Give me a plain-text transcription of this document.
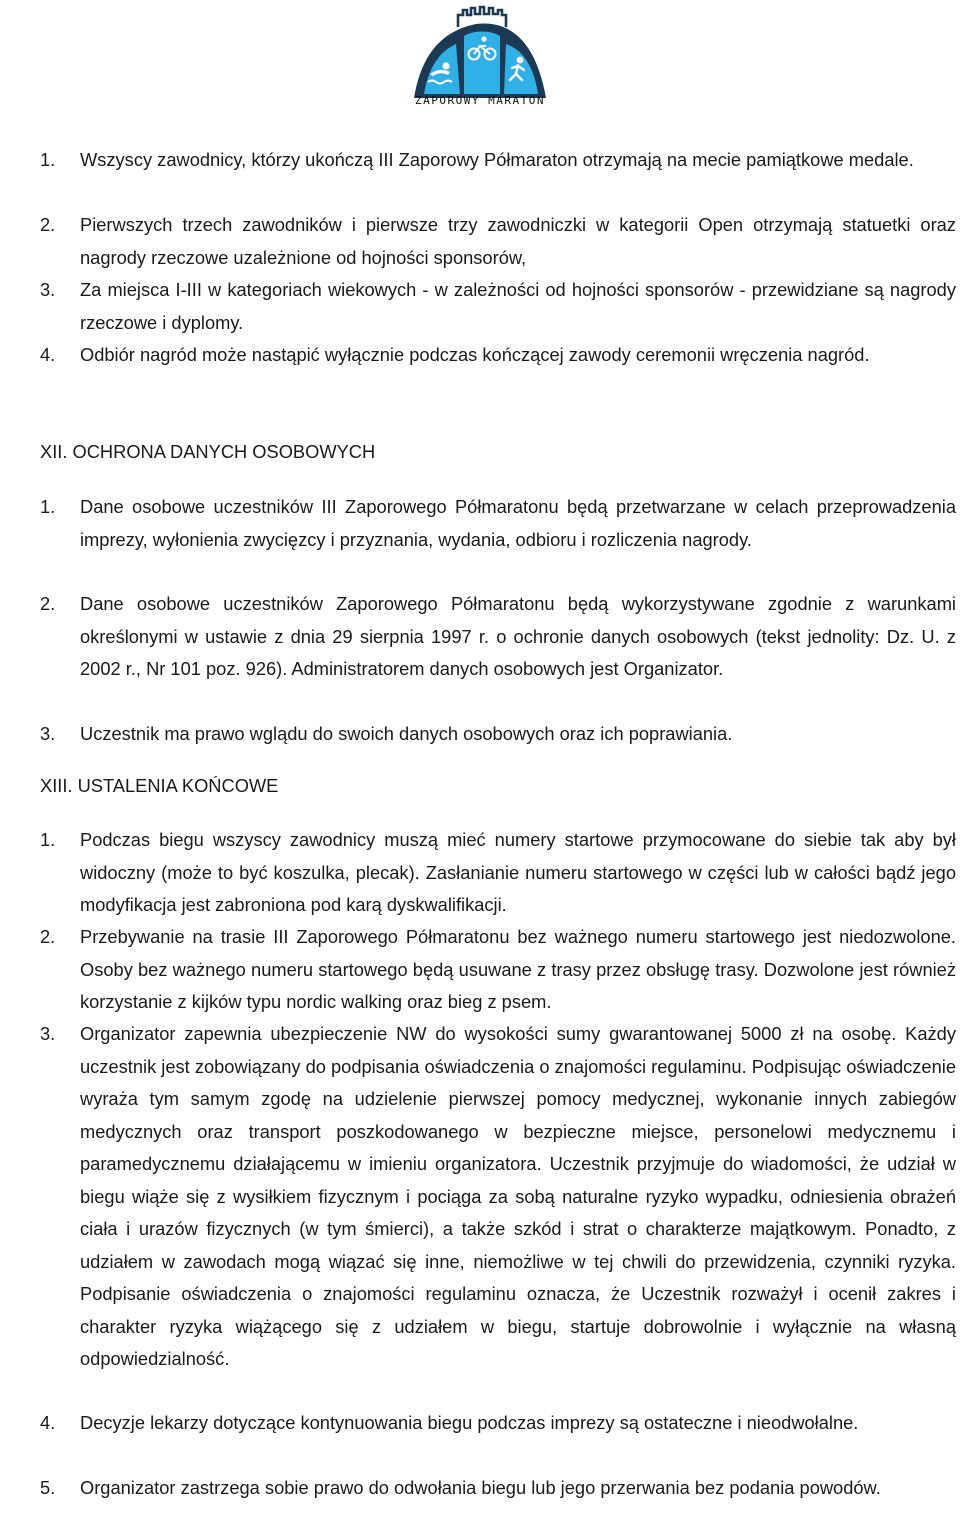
ZAPOROWY MARATON
1.	Wszyscy zawodnicy, którzy ukończą III Zaporowy Półmaraton otrzymają na mecie pamiątkowe medale.
2.	Pierwszych trzech zawodników i pierwsze trzy zawodniczki w kategorii Open otrzymają statuetki oraz nagrody rzeczowe uzależnione od hojności sponsorów,
3.	Za miejsca I-III w kategoriach wiekowych - w zależności od hojności sponsorów - przewidziane są nagrody rzeczowe i dyplomy.
4.	Odbiór nagród może nastąpić wyłącznie podczas kończącej zawody ceremonii wręczenia nagród.
XII. OCHRONA DANYCH OSOBOWYCH
1.	Dane osobowe uczestników III Zaporowego Półmaratonu będą przetwarzane w celach przeprowadzenia imprezy, wyłonienia zwycięzcy i przyznania, wydania, odbioru i rozliczenia nagrody.
2.	Dane osobowe uczestników Zaporowego Półmaratonu będą wykorzystywane zgodnie z warunkami określonymi w ustawie z dnia 29 sierpnia 1997 r. o ochronie danych osobowych (tekst jednolity: Dz. U. z 2002 r., Nr 101 poz. 926). Administratorem danych osobowych jest Organizator.
3.	Uczestnik ma prawo wglądu do swoich danych osobowych oraz ich poprawiania.
XIII. USTALENIA KOŃCOWE
1.	Podczas biegu wszyscy zawodnicy muszą mieć numery startowe przymocowane do siebie tak aby był widoczny (może to być koszulka, plecak). Zasłanianie numeru startowego w części lub w całości bądź jego modyfikacja jest zabroniona pod karą dyskwalifikacji.
2.	Przebywanie na trasie III Zaporowego Półmaratonu bez ważnego numeru startowego jest niedozwolone. Osoby bez ważnego numeru startowego będą usuwane z trasy przez obsługę trasy. Dozwolone jest również korzystanie z kijków typu nordic walking oraz bieg z psem.
3.	Organizator zapewnia ubezpieczenie NW do wysokości sumy gwarantowanej 5000 zł na osobę. Każdy uczestnik jest zobowiązany do podpisania oświadczenia o znajomości regulaminu. Podpisując oświadczenie wyraża tym samym zgodę na udzielenie pierwszej pomocy medycznej, wykonanie innych zabiegów medycznych oraz transport poszkodowanego w bezpieczne miejsce, personelowi medycznemu i paramedycznemu działającemu w imieniu organizatora. Uczestnik przyjmuje do wiadomości, że udział w biegu wiąże się z wysiłkiem fizycznym i pociąga za sobą naturalne ryzyko wypadku, odniesienia obrażeń ciała i urazów fizycznych (w tym śmierci), a także szkód i strat o charakterze majątkowym. Ponadto, z udziałem w zawodach mogą wiązać się inne, niemożliwe w tej chwili do przewidzenia, czynniki ryzyka. Podpisanie oświadczenia o znajomości regulaminu oznacza, że Uczestnik rozważył i ocenił zakres i charakter ryzyka wiążącego się z udziałem w biegu, startuje dobrowolnie i wyłącznie na własną odpowiedzialność.
4.	Decyzje lekarzy dotyczące kontynuowania biegu podczas imprezy są ostateczne i nieodwołalne.
5.	Organizator zastrzega sobie prawo do odwołania biegu lub jego przerwania bez podania powodów.
